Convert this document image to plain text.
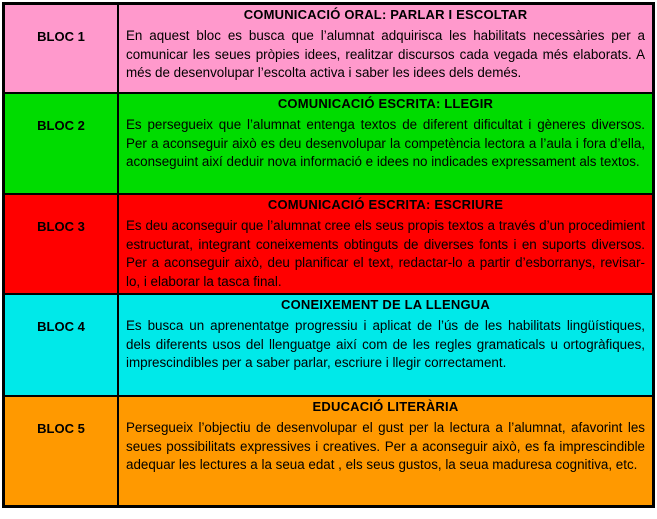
BLOC 1
COMUNICACIÓ ORAL: PARLAR I ESCOLTAR
En aquest bloc es busca que l’alumnat adquirisca les habilitats necessàries per a comunicar les seues pròpies idees, realitzar discursos cada vegada més elaborats. A més de desenvolupar l’escolta activa i saber les idees dels demés.
BLOC 2
COMUNICACIÓ ESCRITA: LLEGIR
Es persegueix que l’alumnat entenga textos de diferent dificultat i gèneres diversos. Per a aconseguir això es deu desenvolupar la competència lectora a l’aula i fora d’ella, aconseguint així deduir nova informació e idees no indicades expressament als textos.
BLOC 3
COMUNICACIÓ ESCRITA: ESCRIURE
Es deu aconseguir que l’alumnat cree els seus propis textos a través d’un procedimient estructurat, integrant coneixements obtinguts de diverses fonts i en suports diversos. Per a aconseguir això, deu planificar el text, redactar-lo a partir d’esborranys, revisar-lo, i elaborar la tasca final.
BLOC 4
CONEIXEMENT DE LA LLENGUA
Es busca un aprenentatge progressiu i aplicat de l’ús de les habilitats lingüístiques, dels diferents usos del llenguatge així com de les regles gramaticals u ortogràfiques, imprescindibles per a saber parlar, escriure i llegir correctament.
BLOC 5
EDUCACIÓ LITERÀRIA
Persegueix l’objectiu de desenvolupar el gust per la lectura a l’alumnat, afavorint les seues possibilitats expressives i creatives. Per a aconseguir això, es fa imprescindible adequar les lectures a la seua edat , els seus gustos, la seua maduresa cognitiva, etc.
